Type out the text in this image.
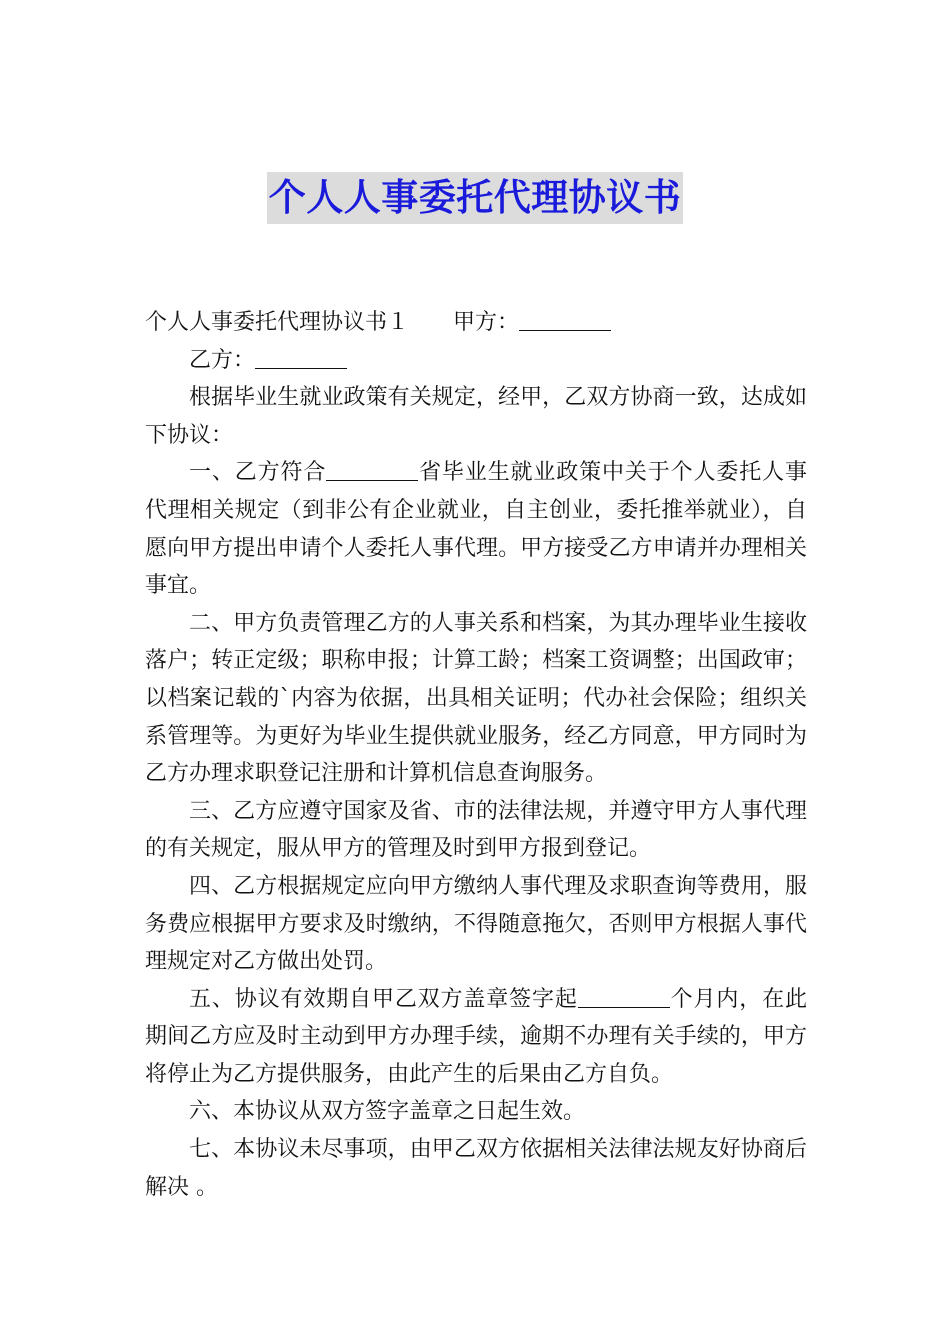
个人人事委托代理协议书

个人人事委托代理协议书１ 甲方：

乙方：

根据毕业生就业政策有关规定，经甲，乙双方协商一致，达成如下协议：

一、乙方符合	省毕业生就业政策中关于个人委托人事代理相关规定（到非公有企业就业，自主创业，委托推举就业），自愿向甲方提出申请个人委托人事代理。甲方接受乙方申请并办理相关事宜。

二、甲方负责管理乙方的人事关系和档案，为其办理毕业生接收落户；转正定级；职称申报；计算工龄；档案工资调整；出国政审；以档案记载的`内容为依据，出具相关证明；代办社会保险；组织关系管理等。为更好为毕业生提供就业服务，经乙方同意，甲方同时为乙方办理求职登记注册和计算机信息查询服务。

三、乙方应遵守国家及省、市的法律法规，并遵守甲方人事代理的有关规定，服从甲方的管理及时到甲方报到登记。

四、乙方根据规定应向甲方缴纳人事代理及求职查询等费用，服务费应根据甲方要求及时缴纳，不得随意拖欠，否则甲方根据人事代理规定对乙方做出处罚。

五、协议有效期自甲乙双方盖章签字起	个月内，在此期间乙方应及时主动到甲方办理手续，逾期不办理有关手续的，甲方将停止为乙方提供服务，由此产生的后果由乙方自负。

六、本协议从双方签字盖章之日起生效。

七、本协议未尽事项，由甲乙双方依据相关法律法规友好协商后解决 。
